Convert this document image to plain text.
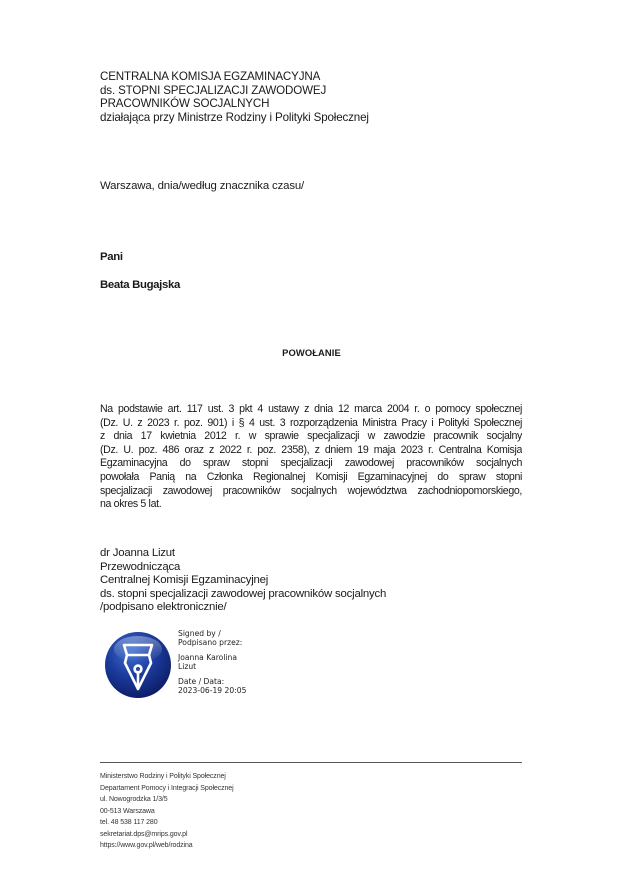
CENTRALNA KOMISJA EGZAMINACYJNA
ds. STOPNI SPECJALIZACJI ZAWODOWEJ
PRACOWNIKÓW SOCJALNYCH
działająca przy Ministrze Rodziny i Polityki Społecznej
Warszawa, dnia/według znacznika czasu/
Pani
Beata Bugajska
POWOŁANIE
Na podstawie art. 117 ust. 3 pkt 4 ustawy z dnia 12 marca 2004 r. o pomocy społecznej
(Dz. U. z 2023 r. poz. 901) i § 4 ust. 3 rozporządzenia Ministra Pracy i Polityki Społecznej
z dnia 17 kwietnia 2012 r. w sprawie specjalizacji w zawodzie pracownik socjalny
(Dz. U. poz. 486 oraz z 2022 r. poz. 2358), z dniem 19 maja 2023 r. Centralna Komisja
Egzaminacyjna do spraw stopni specjalizacji zawodowej pracowników socjalnych
powołała Panią na Członka Regionalnej Komisji Egzaminacyjnej do spraw stopni
specjalizacji zawodowej pracowników socjalnych województwa zachodniopomorskiego,
na okres 5 lat.
dr Joanna Lizut
Przewodnicząca
Centralnej Komisji Egzaminacyjnej
ds. stopni specjalizacji zawodowej pracowników socjalnych
/podpisano elektronicznie/
Signed by /
Podpisano przez:
Joanna Karolina
Lizut
Date / Data:
2023-06-19 20:05
Ministerstwo Rodziny i Polityki Społecznej
Departament Pomocy i Integracji Społecznej
ul. Nowogrodzka 1/3/5
00-513 Warszawa
tel. 48 538 117 280
sekretariat.dps@mrips.gov.pl
https://www.gov.pl/web/rodzina
